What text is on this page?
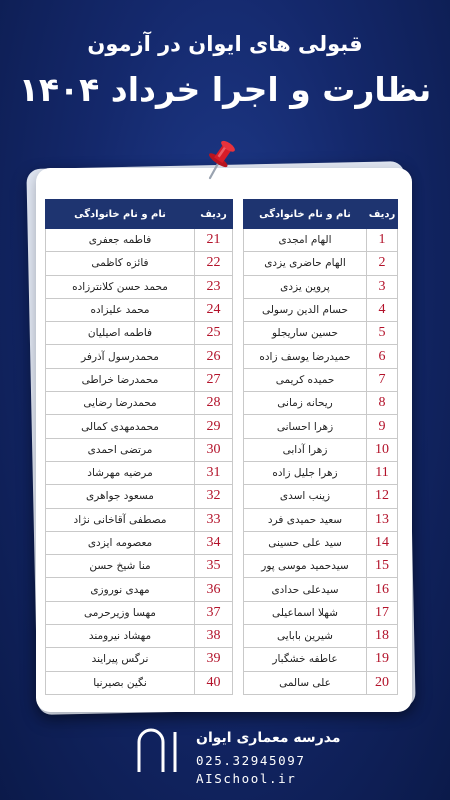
قبولی های ایوان در آزمون
نظارت و اجرا خرداد ۱۴۰۴
ردیف	نام و نام خانوادگی		ردیف	نام و نام خانوادگی
1	الهام امجدی		21	فاطمه جعفری
2	الهام حاضری یزدی		22	فائزه کاظمی
3	پروین یزدی		23	محمد حسن کلانترزاده
4	حسام الدین رسولی		24	محمد علیزاده
5	حسین ساریجلو		25	فاطمه اصیلیان
6	حمیدرضا یوسف زاده		26	محمدرسول آذرفر
7	حمیده کریمی		27	محمدرضا خراطی
8	ریحانه زمانی		28	محمدرضا رضایی
9	زهرا احسانی		29	محمدمهدی کمالی
10	زهرا آدابی		30	مرتضی احمدی
11	زهرا جلیل زاده		31	مرضیه مهرشاد
12	زینب اسدی		32	مسعود جواهری
13	سعید حمیدی فرد		33	مصطفی آقاخانی نژاد
14	سید علی حسینی		34	معصومه ایزدی
15	سیدحمید موسی پور		35	منا شیخ حسن
16	سیدعلی حدادی		36	مهدی نوروزی
17	شهلا اسماعیلی		37	مهسا وزیرحرمی
18	شیرین بابایی		38	مهشاد نیرومند
19	عاطفه خشگبار		39	نرگس پیرایند
20	علی سالمی		40	نگین بصیرنیا
مدرسه معماری ایوان
025.32945097
AISchool.ir
